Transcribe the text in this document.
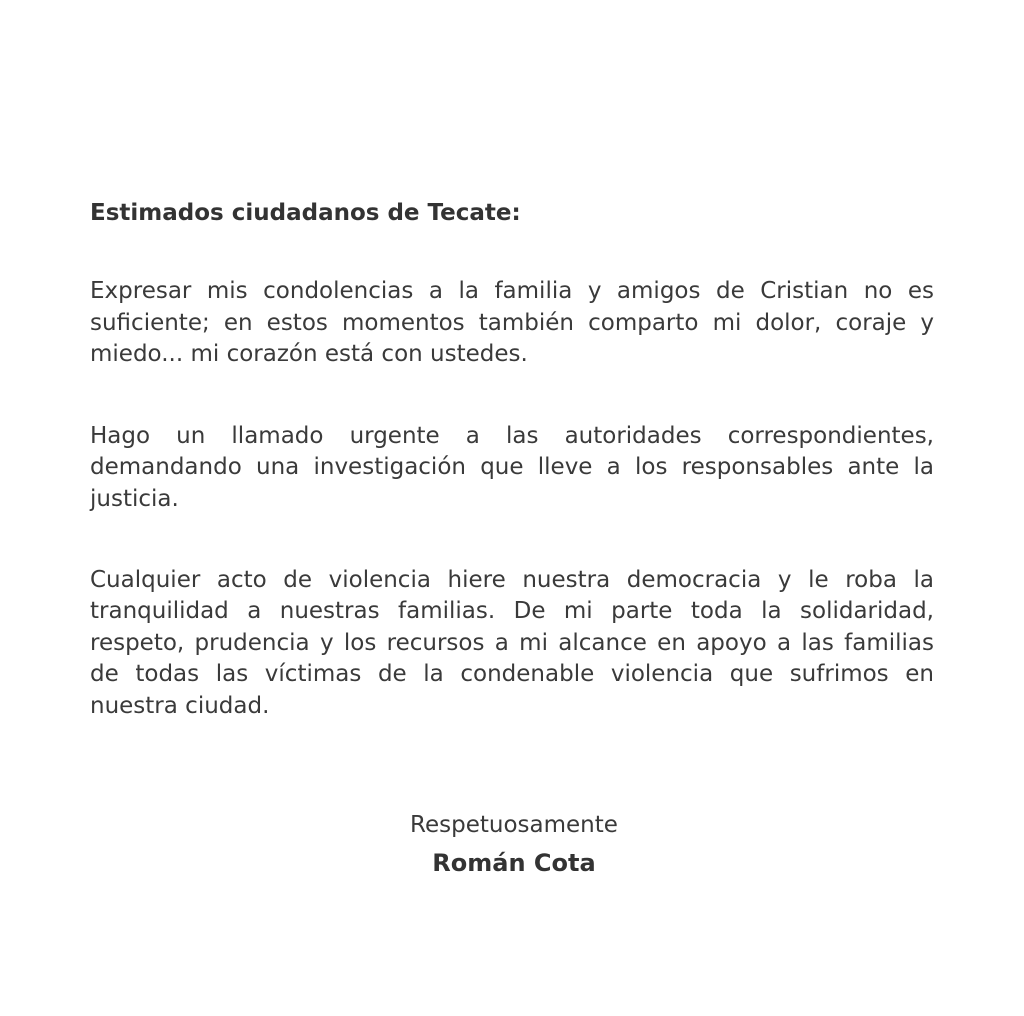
Estimados ciudadanos de Tecate:

Expresar mis condolencias a la familia y amigos de Cristian no es suficiente; en estos momentos también comparto mi dolor, coraje y miedo... mi corazón está con ustedes.

Hago un llamado urgente a las autoridades correspondientes, demandando una investigación que lleve a los responsables ante la justicia.

Cualquier acto de violencia hiere nuestra democracia y le roba la tranquilidad a nuestras familias. De mi parte toda la solidaridad, respeto, prudencia y los recursos a mi alcance en apoyo a las familias de todas las víctimas de la condenable violencia que sufrimos en nuestra ciudad.

Respetuosamente
Román Cota
